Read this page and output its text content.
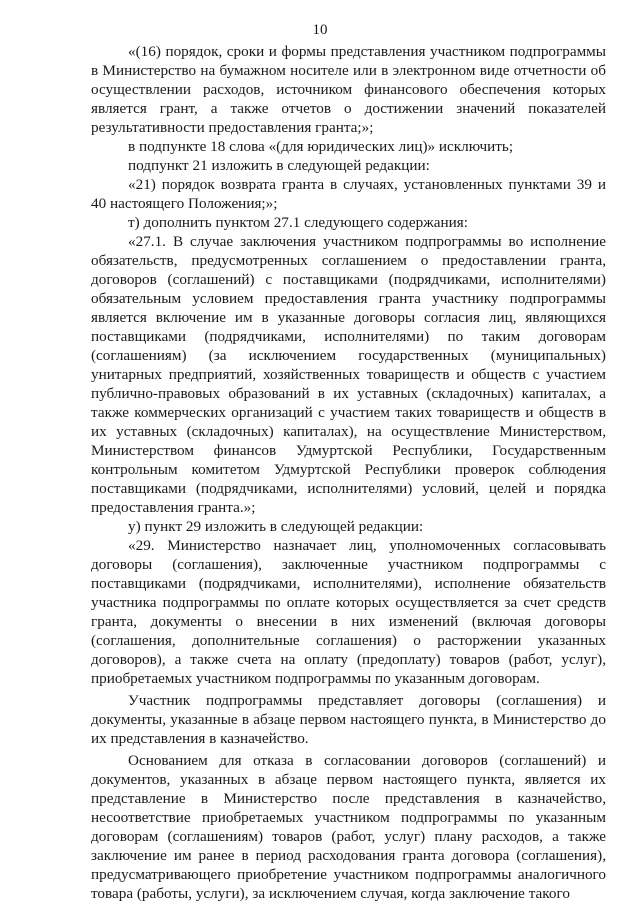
10

«(16) порядок, сроки и формы представления участником подпрограммы в Министерство на бумажном носителе или в электронном виде отчетности об осуществлении расходов, источником финансового обеспечения которых является грант, а также отчетов о достижении значений показателей результативности предоставления гранта;»;

в подпункте 18 слова «(для юридических лиц)» исключить;

подпункт 21 изложить в следующей редакции:

«21) порядок возврата гранта в случаях, установленных пунктами 39 и 40 настоящего Положения;»;

т) дополнить пунктом 27.1 следующего содержания:

«27.1. В случае заключения участником подпрограммы во исполнение обязательств, предусмотренных соглашением о предоставлении гранта, договоров (соглашений) с поставщиками (подрядчиками, исполнителями) обязательным условием предоставления гранта участнику подпрограммы является включение им в указанные договоры согласия лиц, являющихся поставщиками (подрядчиками, исполнителями) по таким договорам (соглашениям) (за исключением государственных (муниципальных) унитарных предприятий, хозяйственных товариществ и обществ с участием публично-правовых образований в их уставных (складочных) капиталах, а также коммерческих организаций с участием таких товариществ и обществ в их уставных (складочных) капиталах), на осуществление Министерством, Министерством финансов Удмуртской Республики, Государственным контрольным комитетом Удмуртской Республики проверок соблюдения поставщиками (подрядчиками, исполнителями) условий, целей и порядка предоставления гранта.»;

у) пункт 29 изложить в следующей редакции:

«29. Министерство назначает лиц, уполномоченных согласовывать договоры (соглашения), заключенные участником подпрограммы с поставщиками (подрядчиками, исполнителями), исполнение обязательств участника подпрограммы по оплате которых осуществляется за счет средств гранта, документы о внесении в них изменений (включая договоры (соглашения, дополнительные соглашения) о расторжении указанных договоров), а также счета на оплату (предоплату) товаров (работ, услуг), приобретаемых участником подпрограммы по указанным договорам.

Участник подпрограммы представляет договоры (соглашения) и документы, указанные в абзаце первом настоящего пункта, в Министерство до их представления в казначейство.

Основанием для отказа в согласовании договоров (соглашений) и документов, указанных в абзаце первом настоящего пункта, является их представление в Министерство после представления в казначейство, несоответствие приобретаемых участником подпрограммы по указанным договорам (соглашениям) товаров (работ, услуг) плану расходов, а также заключение им ранее в период расходования гранта договора (соглашения), предусматривающего приобретение участником подпрограммы аналогичного товара (работы, услуги), за исключением случая, когда заключение такого
